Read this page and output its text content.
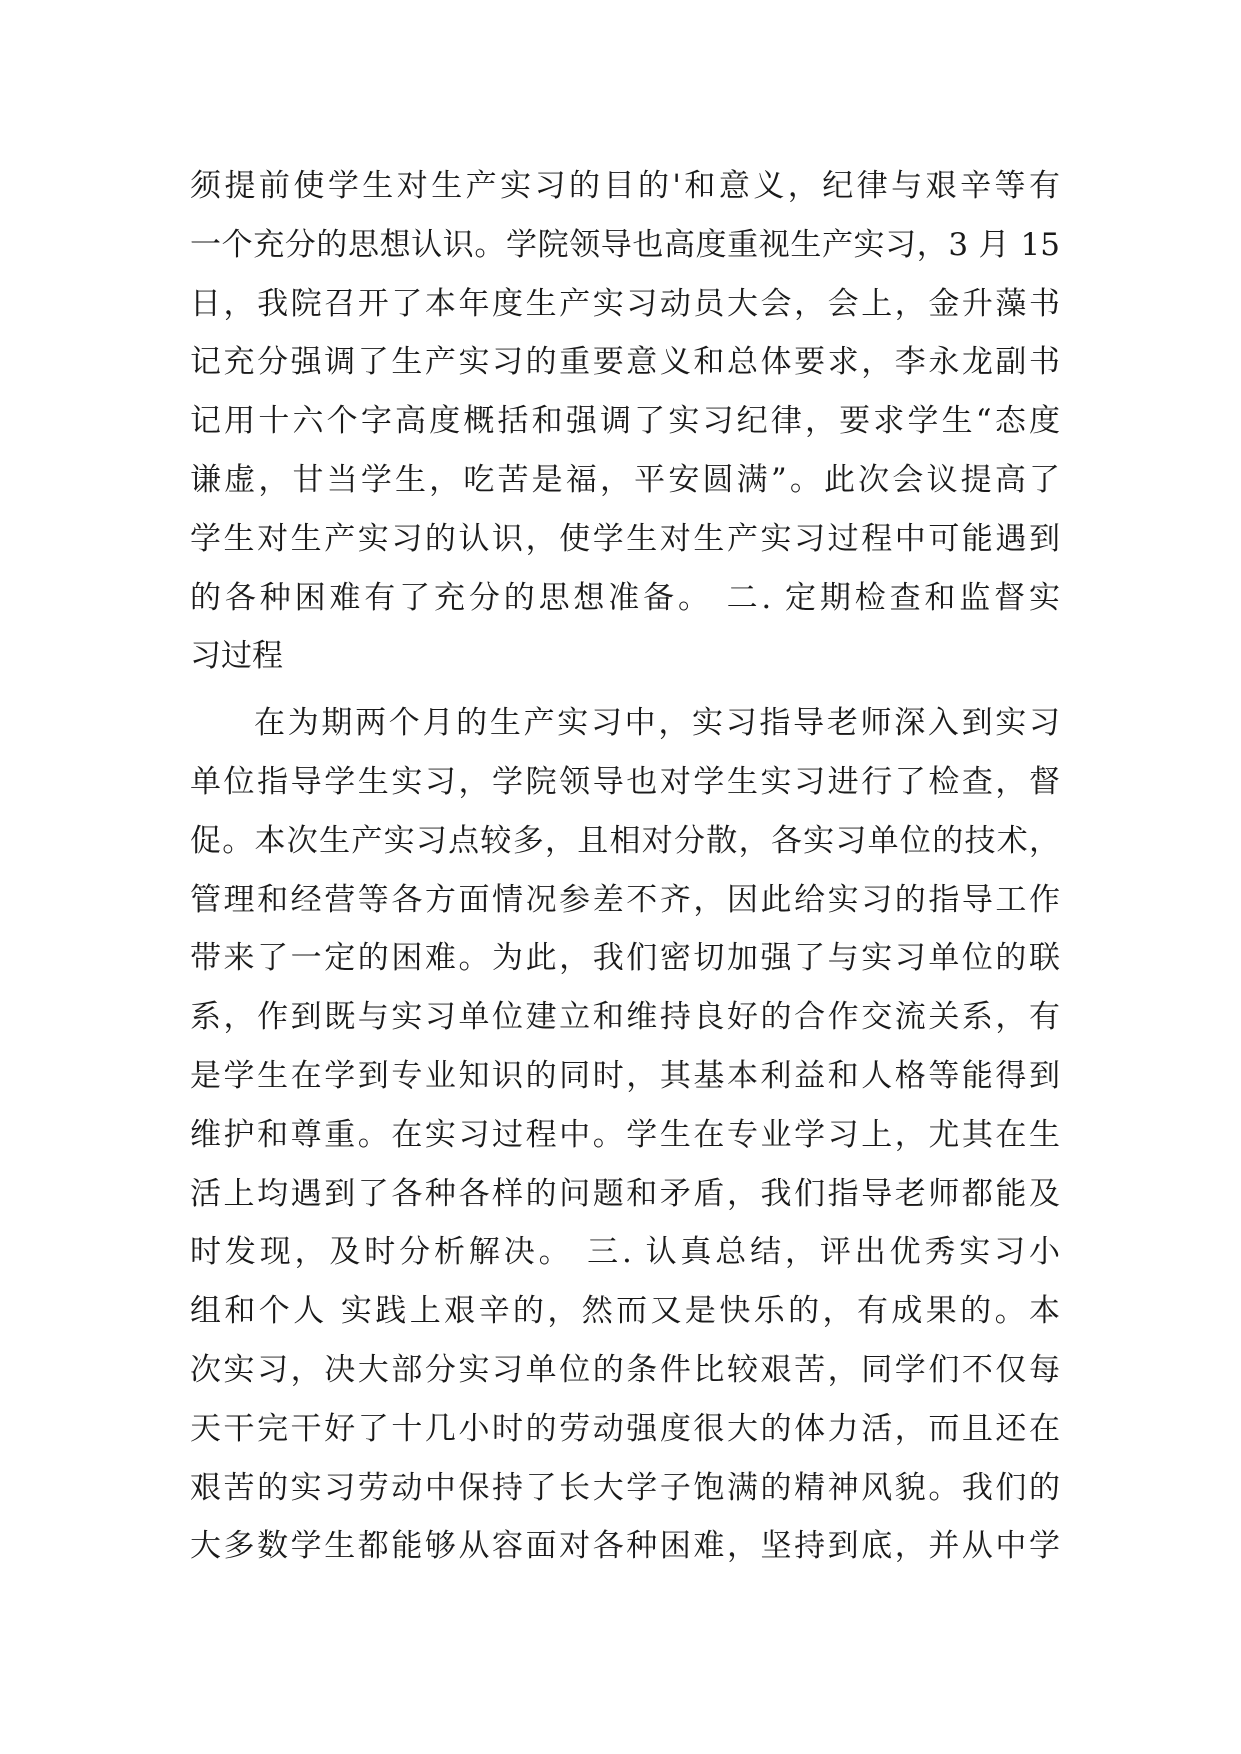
须提前使学生对生产实习的目的'和意义，纪律与艰辛等有
一个充分的思想认识。学院领导也高度重视生产实习，3 月 15
日，我院召开了本年度生产实习动员大会，会上，金升藻书
记充分强调了生产实习的重要意义和总体要求，李永龙副书
记用十六个字高度概括和强调了实习纪律，要求学生“态度
谦虚，甘当学生，吃苦是福，平安圆满”。此次会议提高了
学生对生产实习的认识，使学生对生产实习过程中可能遇到
的各种困难有了充分的思想准备。 二. 定期检查和监督实
习过程
在为期两个月的生产实习中，实习指导老师深入到实习
单位指导学生实习，学院领导也对学生实习进行了检查，督
促。本次生产实习点较多，且相对分散，各实习单位的技术，
管理和经营等各方面情况参差不齐，因此给实习的指导工作
带来了一定的困难。为此，我们密切加强了与实习单位的联
系，作到既与实习单位建立和维持良好的合作交流关系，有
是学生在学到专业知识的同时，其基本利益和人格等能得到
维护和尊重。在实习过程中。学生在专业学习上，尤其在生
活上均遇到了各种各样的问题和矛盾，我们指导老师都能及
时发现，及时分析解决。 三. 认真总结，评出优秀实习小
组和个人 实践上艰辛的，然而又是快乐的，有成果的。本
次实习，决大部分实习单位的条件比较艰苦，同学们不仅每
天干完干好了十几小时的劳动强度很大的体力活，而且还在
艰苦的实习劳动中保持了长大学子饱满的精神风貌。我们的
大多数学生都能够从容面对各种困难，坚持到底，并从中学
